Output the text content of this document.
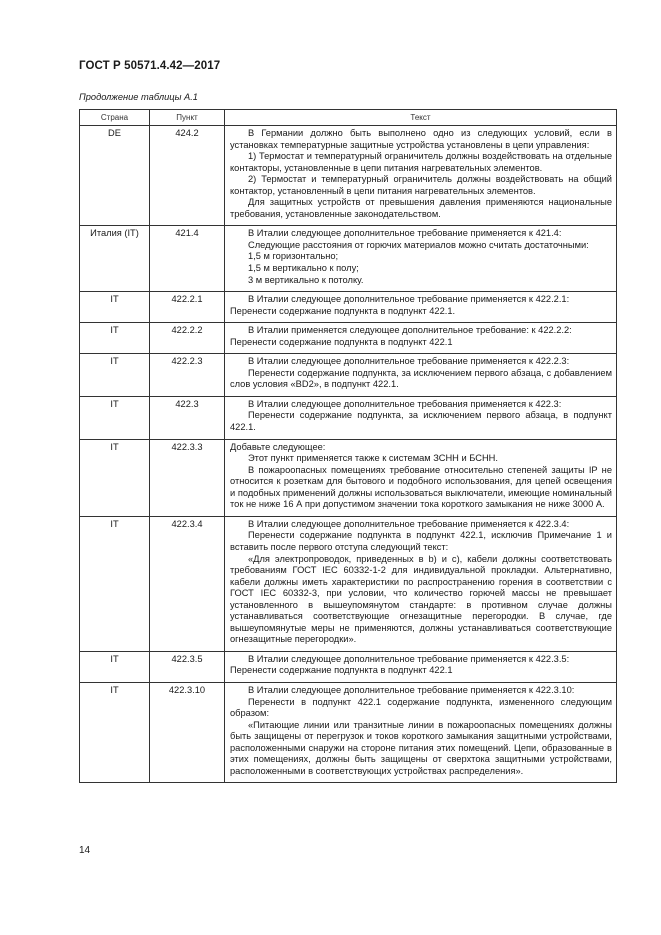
ГОСТ Р 50571.4.42—2017
Продолжение таблицы А.1
Страна	Пункт	Текст
DE	424.2	В Германии должно быть выполнено одно из следующих условий, если в установках температурные защитные устройства установлены в цепи управления:

1) Термостат и температурный ограничитель должны воздействовать на отдельные контакторы, установленные в цепи питания нагревательных элементов.

2) Термостат и температурный ограничитель должны воздействовать на общий контактор, установленный в цепи питания нагревательных элементов.

Для защитных устройств от превышения давления применяются национальные требования, установленные законодательством.

Италия (IT)	421.4	В Италии следующее дополнительное требование применяется к 421.4:

Следующие расстояния от горючих материалов можно считать достаточными:

1,5 м горизонтально;

1,5 м вертикально к полу;

3 м вертикально к потолку.

IT	422.2.1	В Италии следующее дополнительное требование применяется к 422.2.1:

Перенести содержание подпункта в подпункт 422.1.

IT	422.2.2	В Италии применяется следующее дополнительное требование: к 422.2.2:

Перенести содержание подпункта в подпункт 422.1

IT	422.2.3	В Италии следующее дополнительное требование применяется к 422.2.3:

Перенести содержание подпункта, за исключением первого абзаца, с добавлением слов условия «BD2», в подпункт 422.1.

IT	422.3	В Италии следующее дополнительное требования применяется к 422.3:

Перенести содержание подпункта, за исключением первого абзаца, в подпункт 422.1.

IT	422.3.3	Добавьте следующее:

Этот пункт применяется также к системам ЗСНН и БСНН.

В пожароопасных помещениях требование относительно степеней защиты IP не относится к розеткам для бытового и подобного использования, для цепей освещения и подобных применений должны использоваться выключатели, имеющие номинальный ток не ниже 16 А при допустимом значении тока короткого замыкания не ниже 3000 А.

IT	422.3.4	В Италии следующее дополнительное требование применяется к 422.3.4:

Перенести содержание подпункта в подпункт 422.1, исключив Примечание 1 и вставить после первого отступа следующий текст:

«Для электропроводок, приведенных в b) и c), кабели должны соответствовать требованиям ГОСТ IEC 60332-1-2 для индивидуальной прокладки. Альтернативно, кабели должны иметь характеристики по распространению горения в соответствии с ГОСТ IEC 60332-3, при условии, что количество горючей массы не превышает установленного в вышеупомянутом стандарте: в противном случае должны устанавливаться соответствующие огнезащитные перегородки. В случае, где вышеупомянутые меры не применяются, должны устанавливаться соответствующие огнезащитные перегородки».

IT	422.3.5	В Италии следующее дополнительное требование применяется к 422.3.5:

Перенести содержание подпункта в подпункт 422.1

IT	422.3.10	В Италии следующее дополнительное требование применяется к 422.3.10:

Перенести в подпункт 422.1 содержание подпункта, измененного следующим образом:

«Питающие линии или транзитные линии в пожароопасных помещениях должны быть защищены от перегрузок и токов короткого замыкания защитными устройствами, расположенными снаружи на стороне питания этих помещений. Цепи, образованные в этих помещениях, должны быть защищены от сверхтока защитными устройствами, расположенными в соответствующих устройствах распределения».

14
